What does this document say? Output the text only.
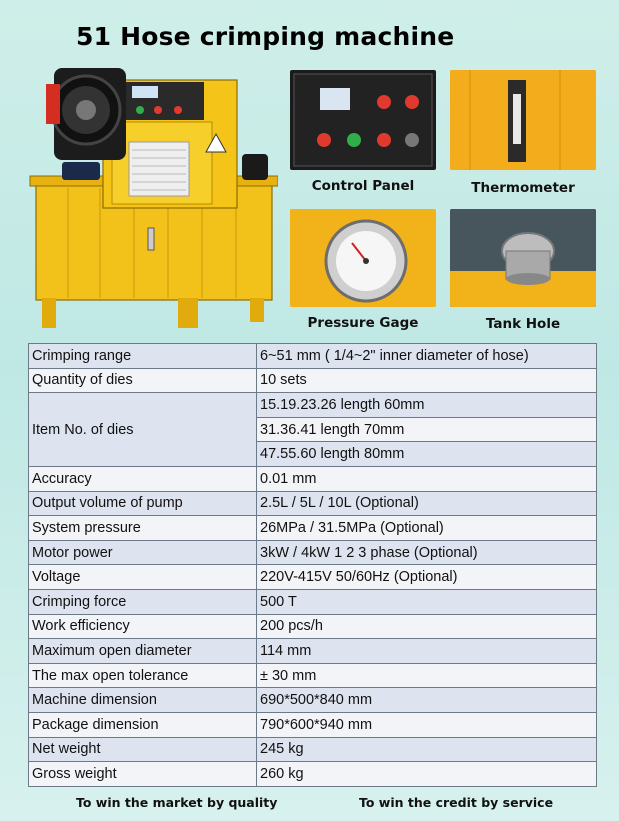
51 Hose crimping machine
Control Panel	Thermometer
Pressure Gage	Tank Hole
Crimping range	6~51 mm ( 1/4~2" inner diameter of hose)
Quantity of dies	10 sets
Item No. of dies	15.19.23.26 length 60mm
	31.36.41 length 70mm
	47.55.60 length 80mm
Accuracy	0.01 mm
Output volume of pump	2.5L / 5L / 10L (Optional)
System pressure	26MPa / 31.5MPa (Optional)
Motor power	3kW / 4kW 1 2 3 phase (Optional)
Voltage	220V-415V 50/60Hz (Optional)
Crimping force	500 T
Work efficiency	200 pcs/h
Maximum open diameter	114 mm
The max open tolerance	± 30 mm
Machine dimension	690*500*840 mm
Package dimension	790*600*940 mm
Net weight	245 kg
Gross weight	260 kg
To win the market by quality	To win the credit by service
